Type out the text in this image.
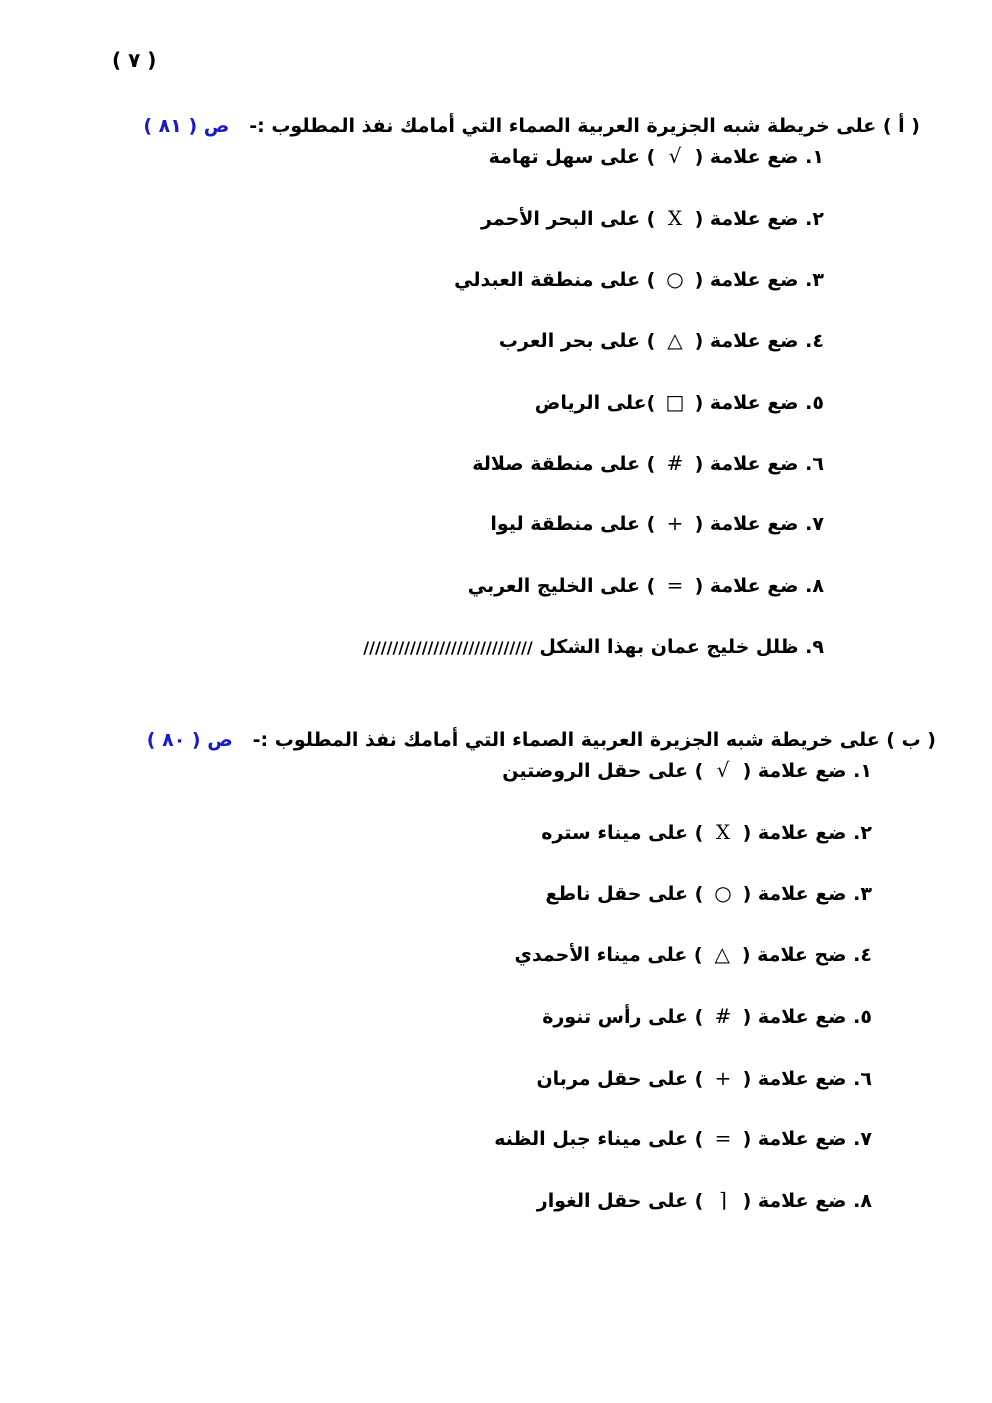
( ٧ )
( أ ) على خريطة شبه الجزيرة العربية الصماء التي أمامك نفذ المطلوب :-   ص ( ٨١ )
١. ضع علامة ( √ ) على سهل تهامة
٢. ضع علامة ( X ) على البحر الأحمر
٣. ضع علامة ( ○ ) على منطقة العبدلي
٤. ضع علامة ( △ ) على بحر العرب
٥. ضع علامة ( □ )على الرياض
٦. ضع علامة ( # ) على منطقة صلالة
٧. ضع علامة ( + ) على منطقة ليوا
٨. ضع علامة ( = ) على الخليج العربي
٩. ظلل خليج عمان بهذا الشكل /////////////////////////////
( ب ) على خريطة شبه الجزيرة العربية الصماء التي أمامك نفذ المطلوب :-   ص ( ٨٠ )
١. ضع علامة ( √ ) على حقل الروضتين
٢. ضع علامة ( X ) على ميناء ستره
٣. ضع علامة ( ○ ) على حقل ناطع
٤. ضح علامة ( △ ) على ميناء الأحمدي
٥. ضع علامة ( # ) على رأس تنورة
٦. ضع علامة ( + ) على حقل مربان
٧. ضع علامة ( = ) على ميناء جبل الظنه
٨. ضع علامة ( ⌈ ) على حقل الغوار
